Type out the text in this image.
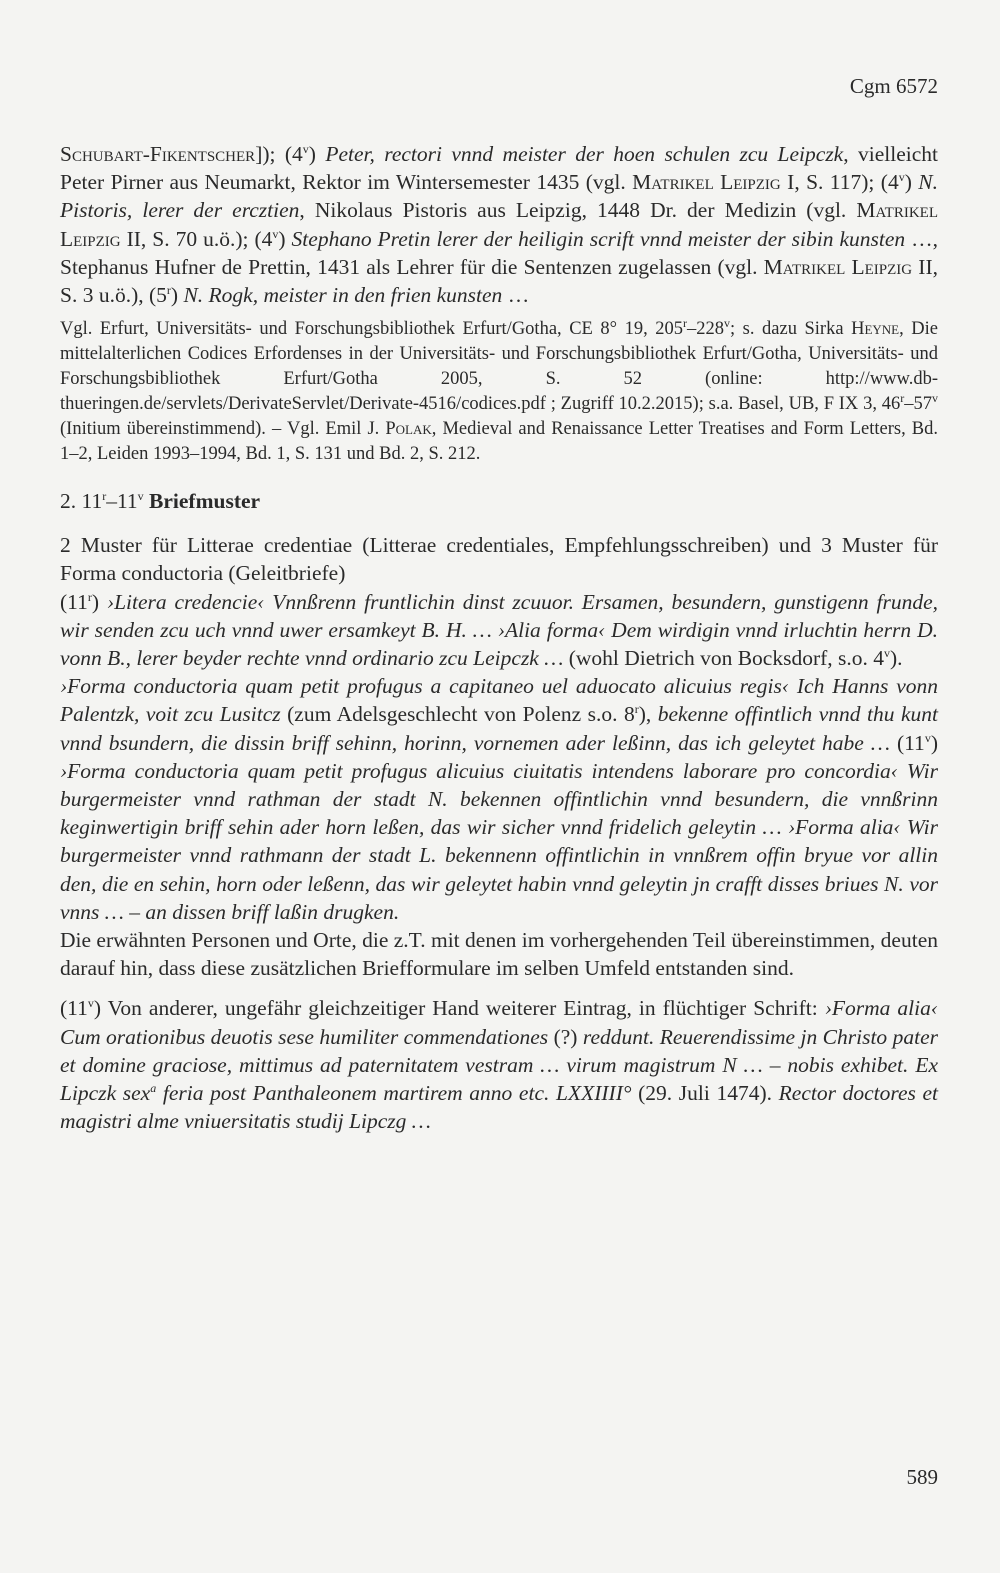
Cgm 6572

Schubart-Fikentscher]); (4$^v$) Peter, rectori vnnd meister der hoen schulen zcu Leipczk, vielleicht Peter Pirner aus Neumarkt, Rektor im Wintersemester 1435 (vgl. Matrikel Leipzig I, S. 117); (4$^v$) N. Pistoris, lerer der ercztien, Nikolaus Pistoris aus Leipzig, 1448 Dr. der Medizin (vgl. Matrikel Leipzig II, S. 70 u.ö.); (4$^v$) Stephano Pretin lerer der heiligin scrift vnnd meister der sibin kunsten …, Stephanus Hufner de Prettin, 1431 als Lehrer für die Sentenzen zugelassen (vgl. Matrikel Leipzig II, S. 3 u.ö.), (5$^r$) N. Rogk, meister in den frien kunsten …

Vgl. Erfurt, Universitäts- und Forschungsbibliothek Erfurt/Gotha, CE 8° 19, 205$^r$–228$^v$; s. dazu Sirka Heyne, Die mittelalterlichen Codices Erfordenses in der Universitäts- und Forschungsbibliothek Erfurt/Gotha, Universitäts- und Forschungsbibliothek Erfurt/Gotha 2005, S. 52 (online: http://www.db-thueringen.de/servlets/DerivateServlet/Derivate-4516/codices.pdf ; Zugriff 10.2.2015); s.a. Basel, UB, F IX 3, 46$^r$–57$^v$ (Initium übereinstimmend). – Vgl. Emil J. Polak, Medieval and Renaissance Letter Treatises and Form Letters, Bd. 1–2, Leiden 1993–1994, Bd. 1, S. 131 und Bd. 2, S. 212.

2. 11$^r$–11$^v$ Briefmuster

2 Muster für Litterae credentiae (Litterae credentiales, Empfehlungsschreiben) und 3 Muster für Forma conductoria (Geleitbriefe)

(11$^r$) ›Litera credencie‹ Vnnßrenn fruntlichin dinst zcuuor. Ersamen, besundern, gunstigenn frunde, wir senden zcu uch vnnd uwer ersamkeyt B. H. … ›Alia forma‹ Dem wirdigin vnnd irluchtin herrn D. vonn B., lerer beyder rechte vnnd ordinario zcu Leipczk … (wohl Dietrich von Bocksdorf, s.o. 4$^v$).

›Forma conductoria quam petit profugus a capitaneo uel aduocato alicuius regis‹ Ich Hanns vonn Palentzk, voit zcu Lusitcz (zum Adelsgeschlecht von Polenz s.o. 8$^r$), bekenne offintlich vnnd thu kunt vnnd bsundern, die dissin briff sehinn, horinn, vornemen ader leßinn, das ich geleytet habe … (11$^v$) ›Forma conductoria quam petit profugus alicuius ciuitatis intendens laborare pro concordia‹ Wir burgermeister vnnd rathman der stadt N. bekennen offintlichin vnnd besundern, die vnnßrinn keginwertigin briff sehin ader horn leßen, das wir sicher vnnd fridelich geleytin … ›Forma alia‹ Wir burgermeister vnnd rathmann der stadt L. bekennenn offintlichin in vnnßrem offin bryue vor allin den, die en sehin, horn oder leßenn, das wir geleytet habin vnnd geleytin jn crafft disses briues N. vor vnns … – an dissen briff laßin drugken.

Die erwähnten Personen und Orte, die z.T. mit denen im vorhergehenden Teil übereinstimmen, deuten darauf hin, dass diese zusätzlichen Briefformulare im selben Umfeld entstanden sind.

(11$^v$) Von anderer, ungefähr gleichzeitiger Hand weiterer Eintrag, in flüchtiger Schrift: ›Forma alia‹ Cum orationibus deuotis sese humiliter commendationes (?) reddunt. Reuerendissime jn Christo pater et domine graciose, mittimus ad paternitatem vestram … virum magistrum N … – nobis exhibet. Ex Lipczk sex$^a$ feria post Panthaleonem martirem anno etc. LXXIIII° (29. Juli 1474). Rector doctores et magistri alme vniuersitatis studij Lipczg …

589
